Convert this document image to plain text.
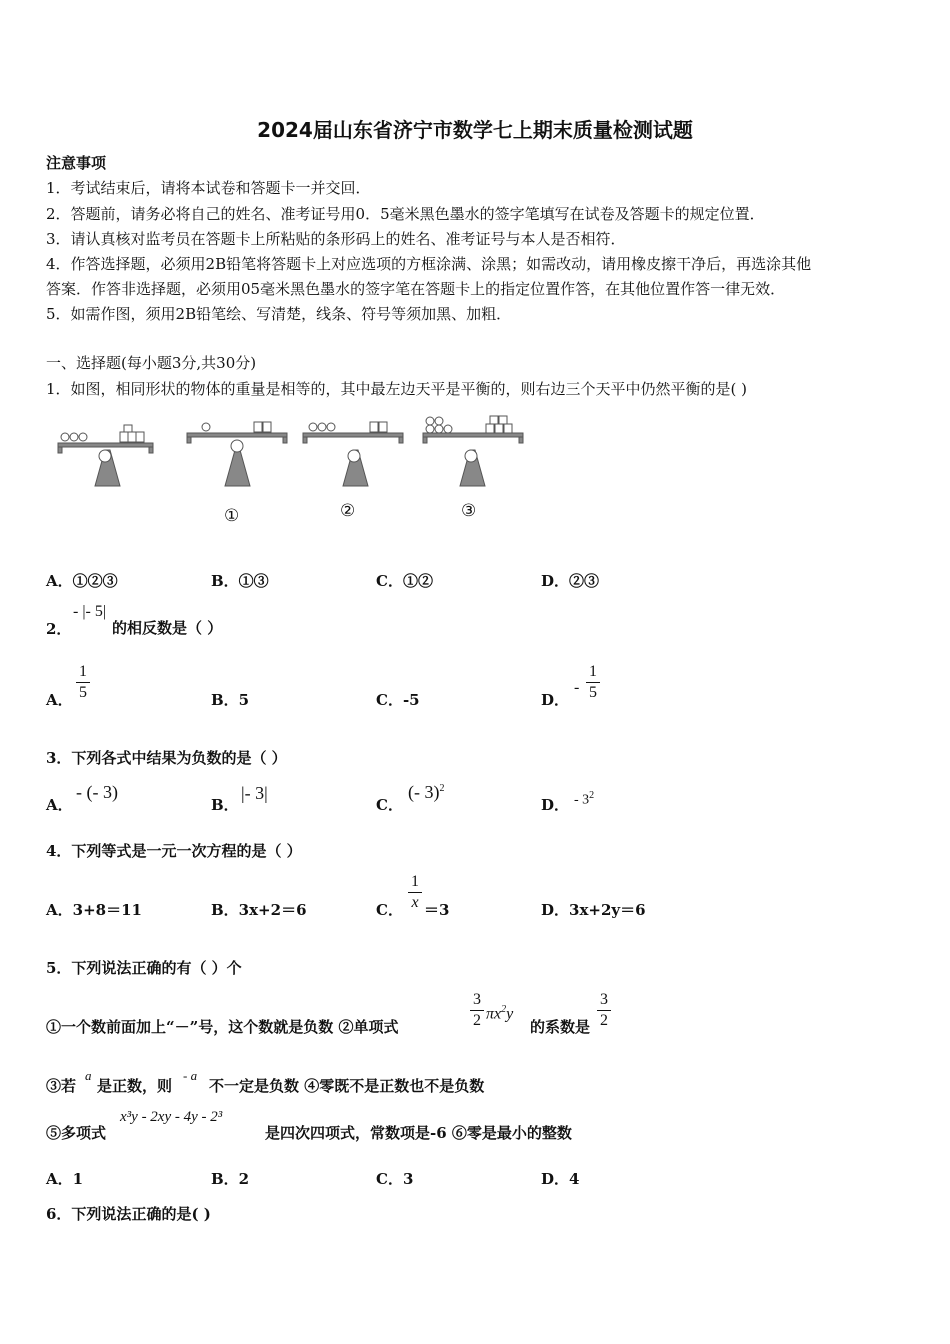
2024届山东省济宁市数学七上期末质量检测试题
注意事项
1．考试结束后，请将本试卷和答题卡一并交回．
2．答题前，请务必将自己的姓名、准考证号用0．5毫米黑色墨水的签字笔填写在试卷及答题卡的规定位置．
3．请认真核对监考员在答题卡上所粘贴的条形码上的姓名、准考证号与本人是否相符．
4．作答选择题，必须用2B铅笔将答题卡上对应选项的方框涂满、涂黑；如需改动，请用橡皮擦干净后，再选涂其他
答案．作答非选择题，必须用05毫米黑色墨水的签字笔在答题卡上的指定位置作答，在其他位置作答一律无效．
5．如需作图，须用2B铅笔绘、写清楚，线条、符号等须加黑、加粗．
一、选择题(每小题3分,共30分)
1．如图，相同形状的物体的重量是相等的，其中最左边天平是平衡的，则右边三个天平中仍然平衡的是( )
①	②	③
A．①②③	B．①③	C．①②	D．②③
2．
- |- 5|
的相反数是（ ）
A．
1
5	B．5	C．-5	D．
-
1
5
3．下列各式中结果为负数的是（ ）
A．
- (- 3)
B．
|- 3|
C．
(- 3)$^2$
D． - $3^2$
4．下列等式是一元一次方程的是（ ）
A．3+8＝11	B．3x+2＝6	C．
1
x ＝3	D．3x+2y＝6
5．下列说法正确的有（ ）个
①一个数前面加上“－”号，这个数就是负数 ②单项式
3
2 $\pi x^2y$
的系数是
3
2
③若
a
是正数，则
- a
不一定是负数 ④零既不是正数也不是负数
⑤多项式
x³y - 2xy - 4y - 2³
是四次四项式，常数项是-6 ⑥零是最小的整数
A．1	B．2	C．3	D．4
6．下列说法正确的是( )
